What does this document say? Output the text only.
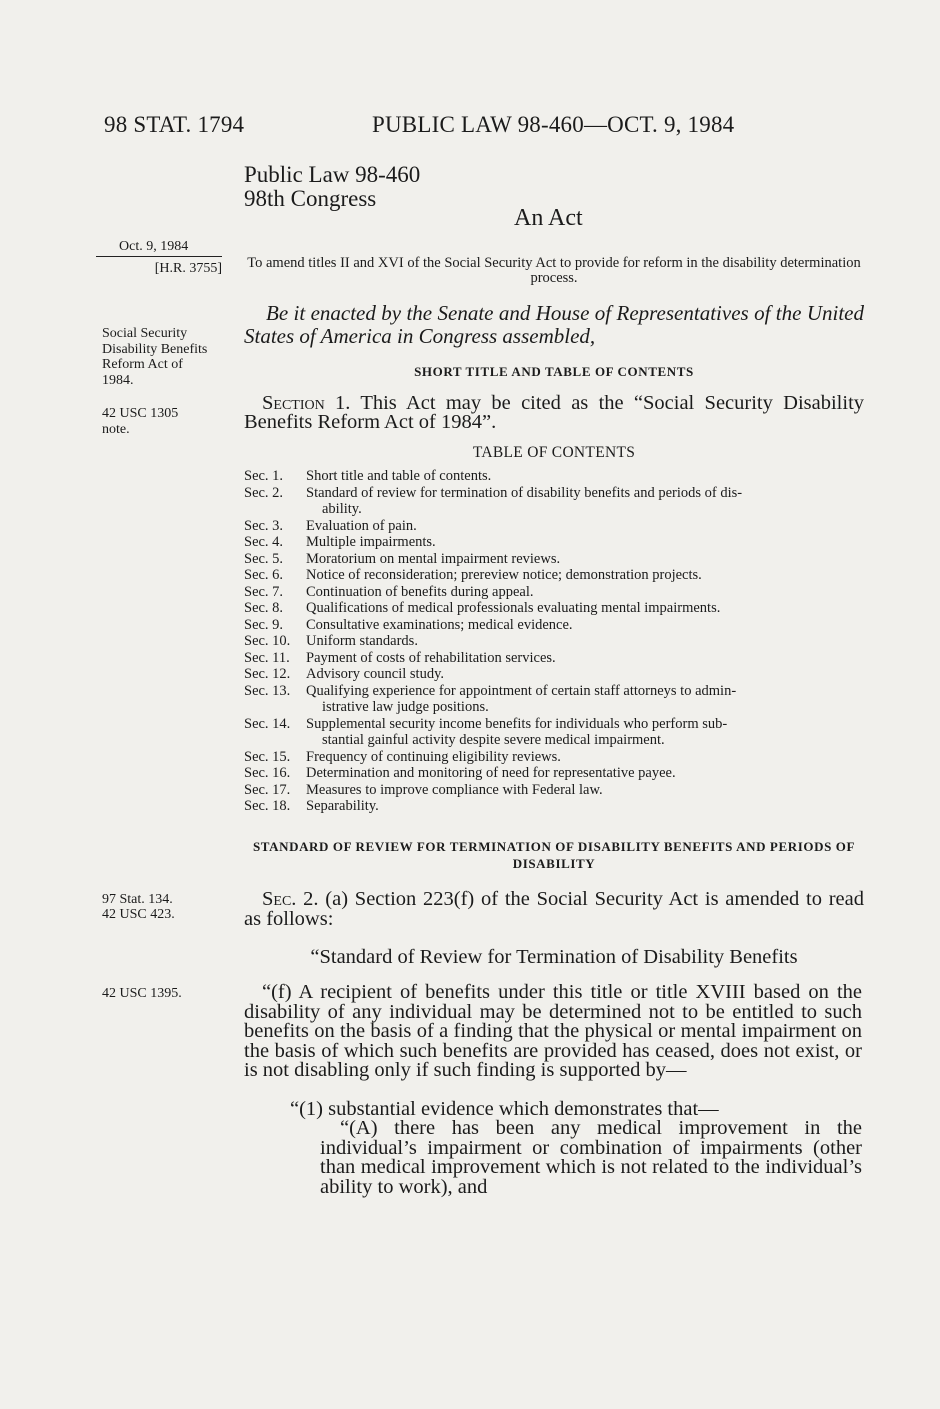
98 STAT. 1794	PUBLIC LAW 98-460—OCT. 9, 1984
Public Law 98-460
98th Congress
An Act
Oct. 9, 1984
[H.R. 3755] To amend titles II and XVI of the Social Security Act to provide for reform in the disability determination process.
Be it enacted by the Senate and House of Representatives of the United States of America in Congress assembled,
Social Security Disability Benefits Reform Act of 1984.
42 USC 1305 note.
SHORT TITLE AND TABLE OF CONTENTS
Section 1. This Act may be cited as the “Social Security Disability Benefits Reform Act of 1984”.
TABLE OF CONTENTS
Sec. 1.	Short title and table of contents.
Sec. 2.	Standard of review for termination of disability benefits and periods of dis-
ability.
Sec. 3.	Evaluation of pain.
Sec. 4.	Multiple impairments.
Sec. 5.	Moratorium on mental impairment reviews.
Sec. 6.	Notice of reconsideration; prereview notice; demonstration projects.
Sec. 7.	Continuation of benefits during appeal.
Sec. 8.	Qualifications of medical professionals evaluating mental impairments.
Sec. 9.	Consultative examinations; medical evidence.
Sec. 10.	Uniform standards.
Sec. 11.	Payment of costs of rehabilitation services.
Sec. 12.	Advisory council study.
Sec. 13.	Qualifying experience for appointment of certain staff attorneys to admin-
istrative law judge positions.
Sec. 14.	Supplemental security income benefits for individuals who perform sub-
stantial gainful activity despite severe medical impairment.
Sec. 15.	Frequency of continuing eligibility reviews.
Sec. 16.	Determination and monitoring of need for representative payee.
Sec. 17.	Measures to improve compliance with Federal law.
Sec. 18.	Separability.
STANDARD OF REVIEW FOR TERMINATION OF DISABILITY BENEFITS AND PERIODS OF DISABILITY
97 Stat. 134.
42 USC 423.
Sec. 2. (a) Section 223(f) of the Social Security Act is amended to read as follows:
“Standard of Review for Termination of Disability Benefits
42 USC 1395.	“(f) A recipient of benefits under this title or title XVIII based on the disability of any individual may be determined not to be entitled to such benefits on the basis of a finding that the physical or mental impairment on the basis of which such benefits are provided has ceased, does not exist, or is not disabling only if such finding is supported by—
“(1) substantial evidence which demonstrates that—
“(A) there has been any medical improvement in the individual’s impairment or combination of impairments (other than medical improvement which is not related to the individual’s ability to work), and
